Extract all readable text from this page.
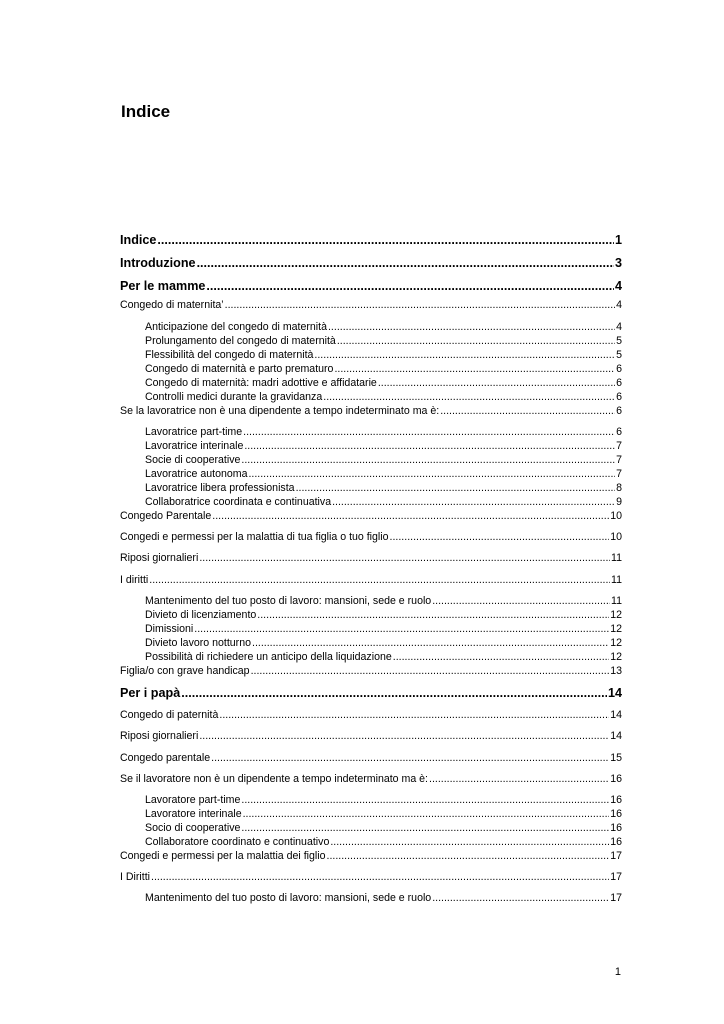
Indice
Indice .....	1
Introduzione .....	3
Per le mamme .....	4
Congedo di maternita’ .....	4
Anticipazione del congedo di maternità .....	4
Prolungamento del congedo di maternità .....	5
Flessibilità del congedo di maternità .....	5
Congedo di maternità e parto prematuro .....	6
Congedo di maternità: madri adottive e affidatarie .....	6
Controlli medici durante la gravidanza .....	6
Se la lavoratrice non è una dipendente a tempo indeterminato ma è: .....	6
Lavoratrice part-time .....	6
Lavoratrice interinale .....	7
Socie di cooperative .....	7
Lavoratrice autonoma .....	7
Lavoratrice libera professionista .....	8
Collaboratrice coordinata e continuativa .....	9
Congedo Parentale .....	10
Congedi e permessi per la malattia di tua figlia o tuo figlio .....	10
Riposi giornalieri .....	11
I diritti .....	11
Mantenimento del tuo posto di lavoro: mansioni, sede e ruolo .....	11
Divieto di licenziamento .....	12
Dimissioni .....	12
Divieto lavoro notturno .....	12
Possibilità di richiedere un anticipo della liquidazione .....	12
Figlia/o con grave handicap .....	13
Per i papà .....	14
Congedo di paternità .....	14
Riposi giornalieri .....	14
Congedo parentale .....	15
Se il lavoratore non è un dipendente a tempo indeterminato ma è: .....	16
Lavoratore part-time .....	16
Lavoratore interinale .....	16
Socio di cooperative .....	16
Collaboratore coordinato e continuativo .....	16
Congedi e permessi per la malattia dei figlio .....	17
I Diritti .....	17
Mantenimento del tuo posto di lavoro: mansioni, sede e ruolo .....	17
1
